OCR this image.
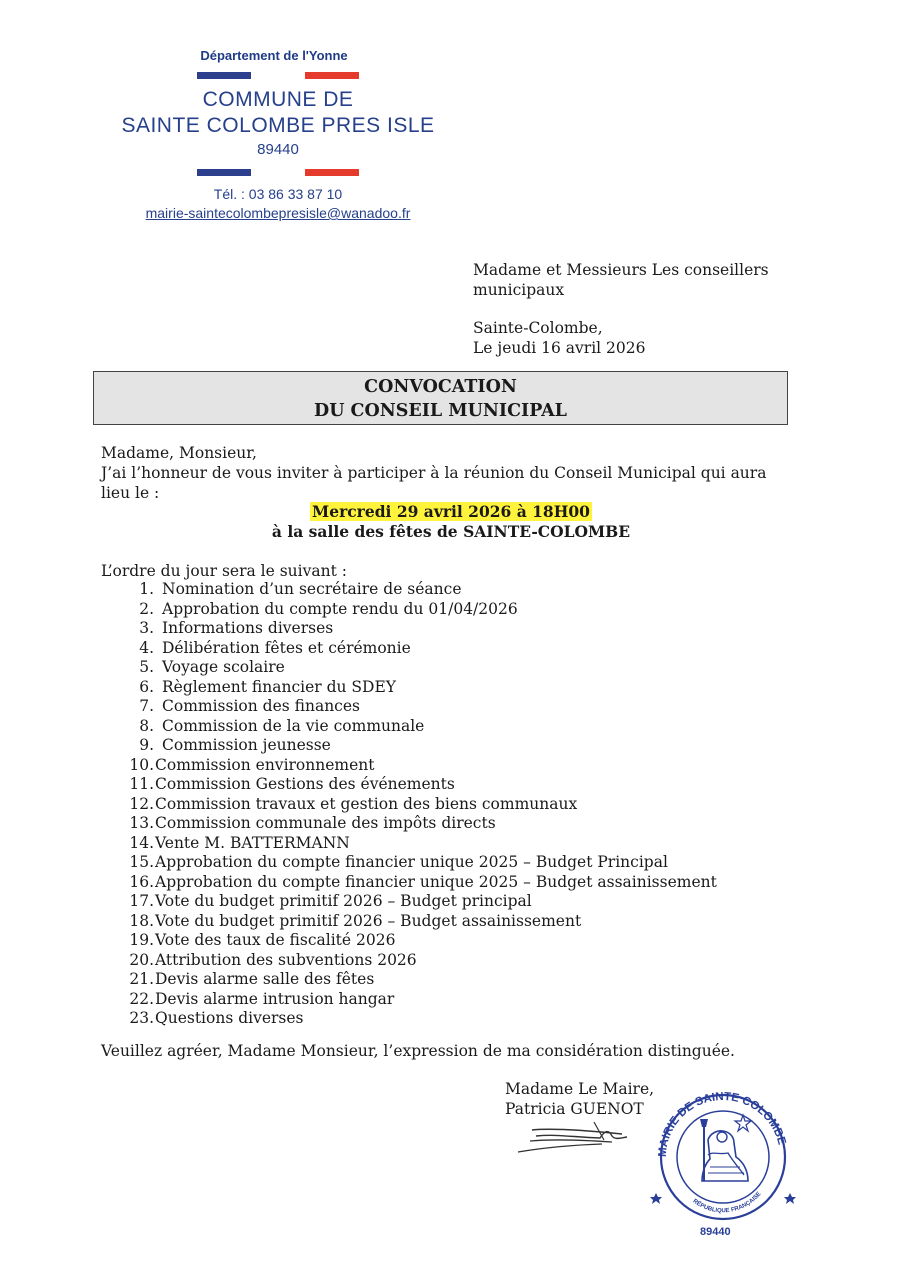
Département de l'Yonne
COMMUNE DE
SAINTE COLOMBE PRES ISLE
89440
Tél. : 03 86 33 87 10
mairie-saintecolombepresisle@wanadoo.fr
Madame et Messieurs Les conseillers
municipaux
Sainte-Colombe,
Le jeudi 16 avril 2026
CONVOCATION
DU CONSEIL MUNICIPAL
Madame, Monsieur,
J’ai l’honneur de vous inviter à participer à la réunion du Conseil Municipal qui aura
lieu le :
Mercredi 29 avril 2026 à 18H00
à la salle des fêtes de SAINTE-COLOMBE
L’ordre du jour sera le suivant :
1. Nomination d’un secrétaire de séance
2. Approbation du compte rendu du 01/04/2026
3. Informations diverses
4. Délibération fêtes et cérémonie
5. Voyage scolaire
6. Règlement financier du SDEY
7. Commission des finances
8. Commission de la vie communale
9. Commission jeunesse
10. Commission environnement
11. Commission Gestions des événements
12. Commission travaux et gestion des biens communaux
13. Commission communale des impôts directs
14. Vente M. BATTERMANN
15. Approbation du compte financier unique 2025 – Budget Principal
16. Approbation du compte financier unique 2025 – Budget assainissement
17. Vote du budget primitif 2026 – Budget principal
18. Vote du budget primitif 2026 – Budget assainissement
19. Vote des taux de fiscalité 2026
20. Attribution des subventions 2026
21. Devis alarme salle des fêtes
22. Devis alarme intrusion hangar
23. Questions diverses
Veuillez agréer, Madame Monsieur, l’expression de ma considération distinguée.
Madame Le Maire,
Patricia GUENOT
MAIRIE DE SAINTE COLOMBE
RÉPUBLIQUE FRANÇAISE
89440
